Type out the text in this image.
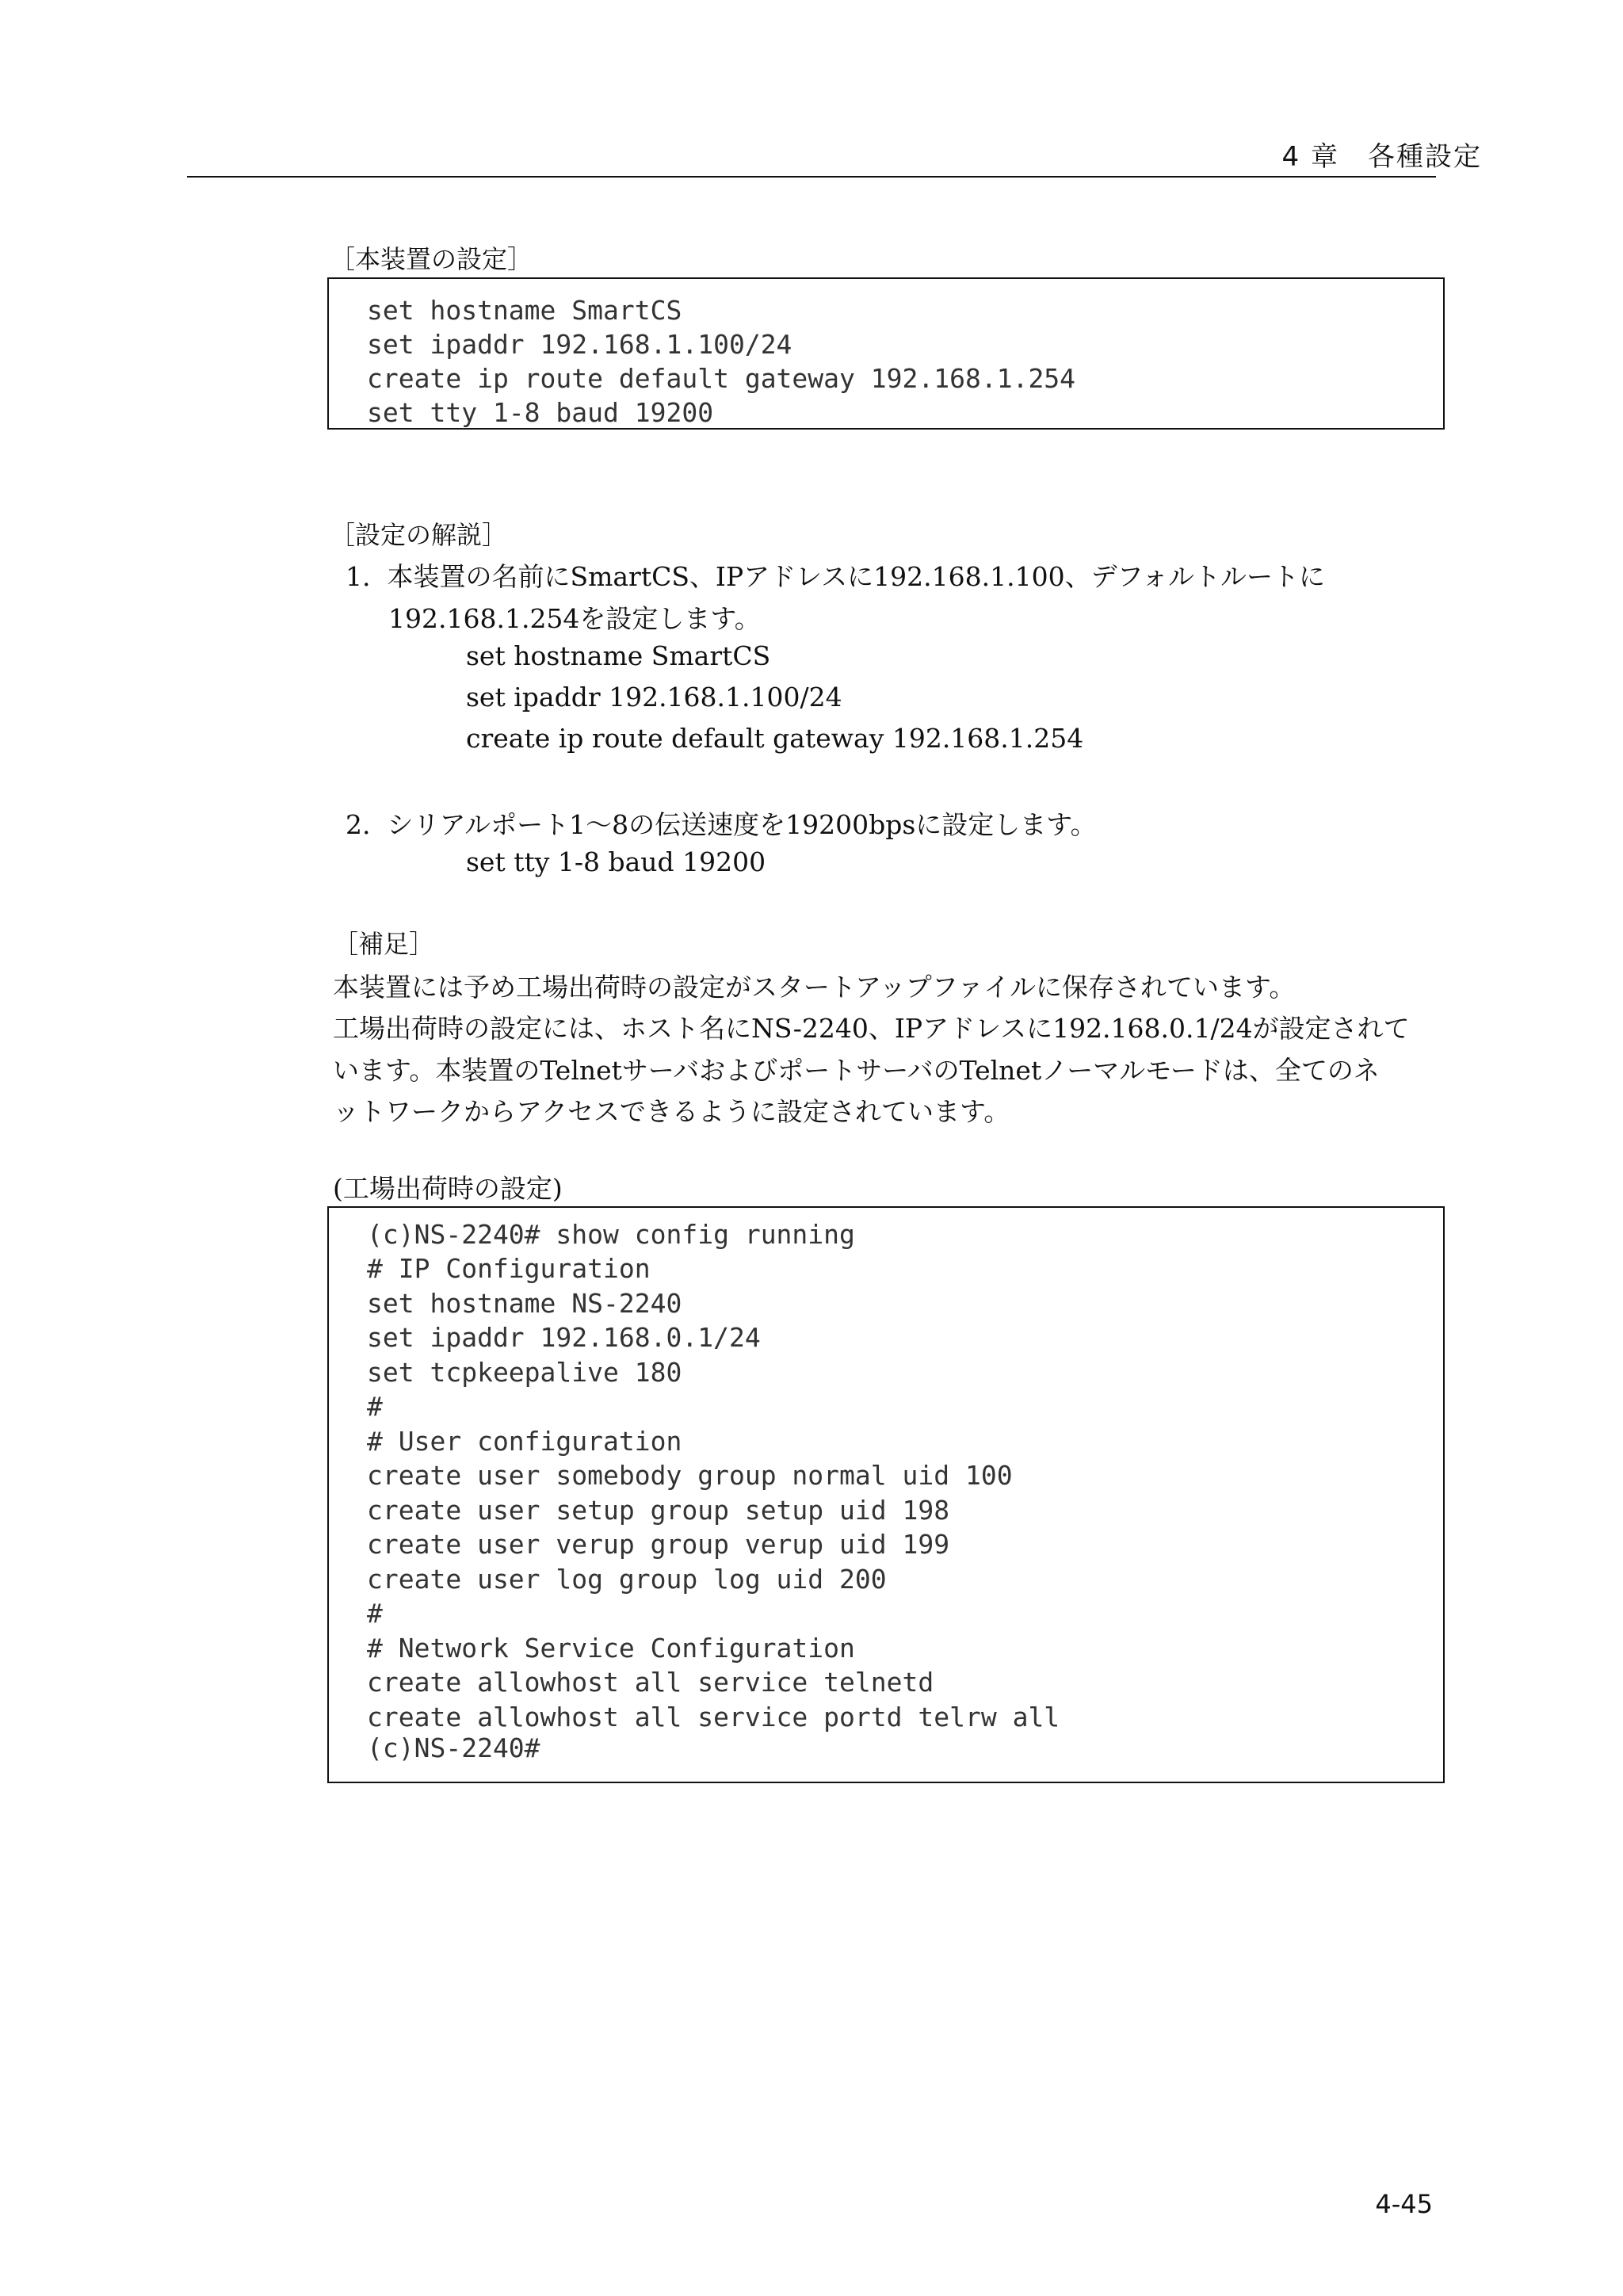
4 章　各種設定
［本装置の設定］
set hostname SmartCS
set ipaddr 192.168.1.100/24
create ip route default gateway 192.168.1.254
set tty 1-8 baud 19200
［設定の解説］
1.  本装置の名前にSmartCS、IPアドレスに192.168.1.100、デフォルトルートに
192.168.1.254を設定します。
set hostname SmartCS
set ipaddr 192.168.1.100/24
create ip route default gateway 192.168.1.254
2.  シリアルポート1～8の伝送速度を19200bpsに設定します。
set tty 1-8 baud 19200
［補足］
本装置には予め工場出荷時の設定がスタートアップファイルに保存されています。
工場出荷時の設定には、ホスト名にNS-2240、IPアドレスに192.168.0.1/24が設定されて
います。本装置のTelnetサーバおよびポートサーバのTelnetノーマルモードは、全てのネ
ットワークからアクセスできるように設定されています。
(工場出荷時の設定)
(c)NS-2240# show config running
# IP Configuration
set hostname NS-2240
set ipaddr 192.168.0.1/24
set tcpkeepalive 180
#
# User configuration
create user somebody group normal uid 100
create user setup group setup uid 198
create user verup group verup uid 199
create user log group log uid 200
#
# Network Service Configuration
create allowhost all service telnetd
create allowhost all service portd telrw all
(c)NS-2240#
4-45
